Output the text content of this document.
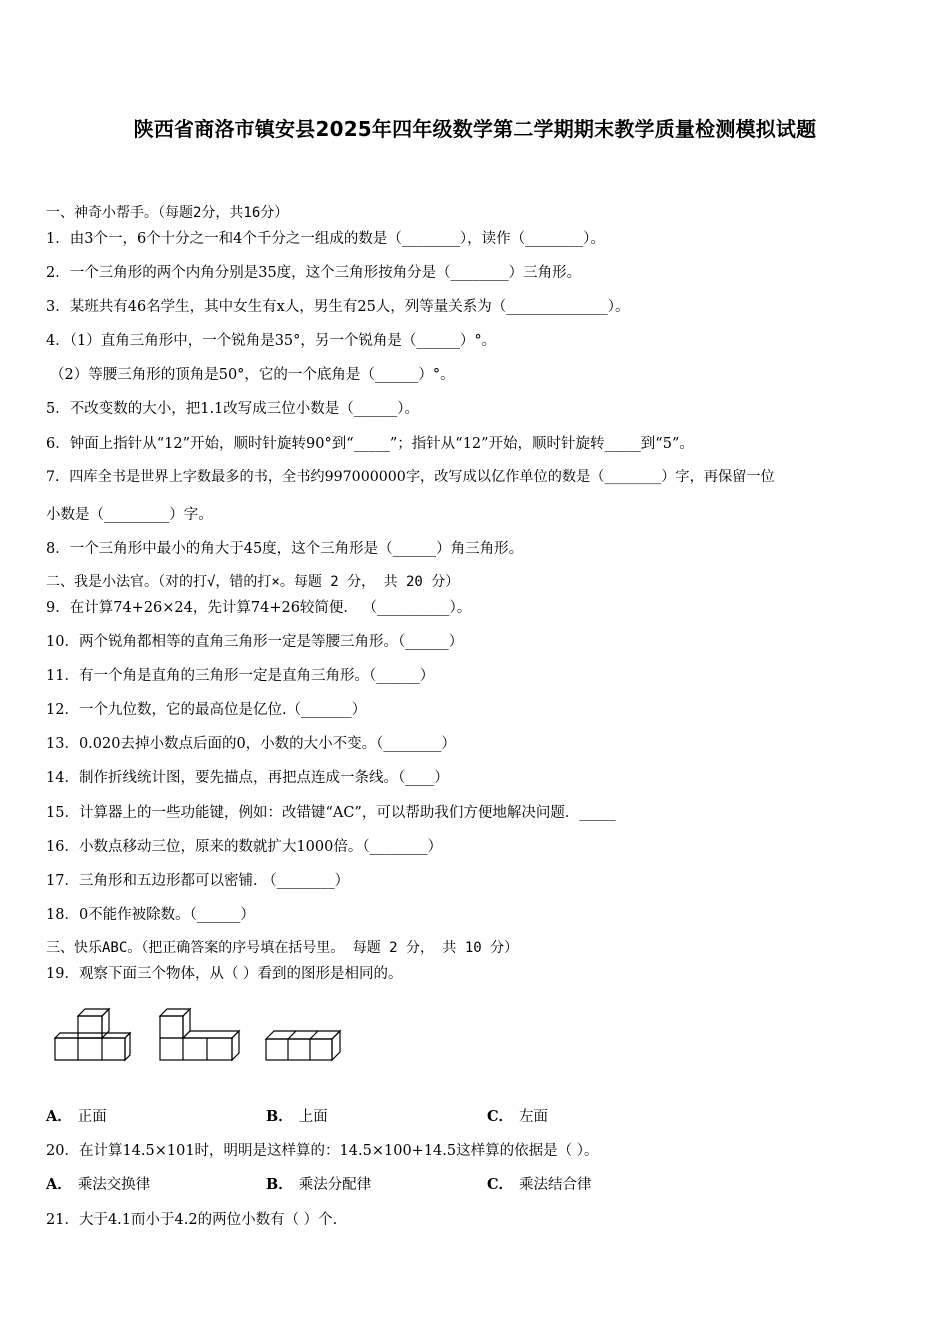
陕西省商洛市镇安县2025年四年级数学第二学期期末教学质量检测模拟试题
一、神奇小帮手。（每题2分，共16分）
1．由3个一，6个十分之一和4个千分之一组成的数是（________），读作（________）。
2．一个三角形的两个内角分别是35度，这个三角形按角分是（________）三角形。
3．某班共有46名学生，其中女生有x人，男生有25人，列等量关系为（______________）。
4．（1）直角三角形中，一个锐角是35°，另一个锐角是（______）°。
（2）等腰三角形的顶角是50°，它的一个底角是（______）°。
5．不改变数的大小，把1.1改写成三位小数是（______）。
6．钟面上指针从“12”开始，顺时针旋转90°到“_____”；指针从“12”开始，顺时针旋转_____到“5”。
7．四库全书是世界上字数最多的书，全书约997000000字，改写成以亿作单位的数是（________）字，再保留一位
小数是（_________）字。
8．一个三角形中最小的角大于45度，这个三角形是（______）角三角形。
二、我是小法官。（对的打√，错的打×。每题 2 分， 共 20 分）
9．在计算74+26×24，先计算74+26较简便． （__________）。
10．两个锐角都相等的直角三角形一定是等腰三角形。（______）
11．有一个角是直角的三角形一定是直角三角形。（______）
12．一个九位数，它的最高位是亿位.（_______）
13．0.020去掉小数点后面的0，小数的大小不变。（________）
14．制作折线统计图，要先描点，再把点连成一条线。（____）
15．计算器上的一些功能键，例如：改错键“AC”，可以帮助我们方便地解决问题．_____
16．小数点移动三位，原来的数就扩大1000倍。（________）
17．三角形和五边形都可以密铺. （________）
18．0不能作被除数。（______）
三、快乐ABC。（把正确答案的序号填在括号里。 每题 2 分， 共 10 分）
19．观察下面三个物体，从（ ）看到的图形是相同的。
A． 正面	B． 上面	C． 左面
20．在计算14.5×101时，明明是这样算的：14.5×100+14.5这样算的依据是（ ）。
A． 乘法交换律	B． 乘法分配律	C． 乘法结合律
21．大于4.1而小于4.2的两位小数有（ ）个.
